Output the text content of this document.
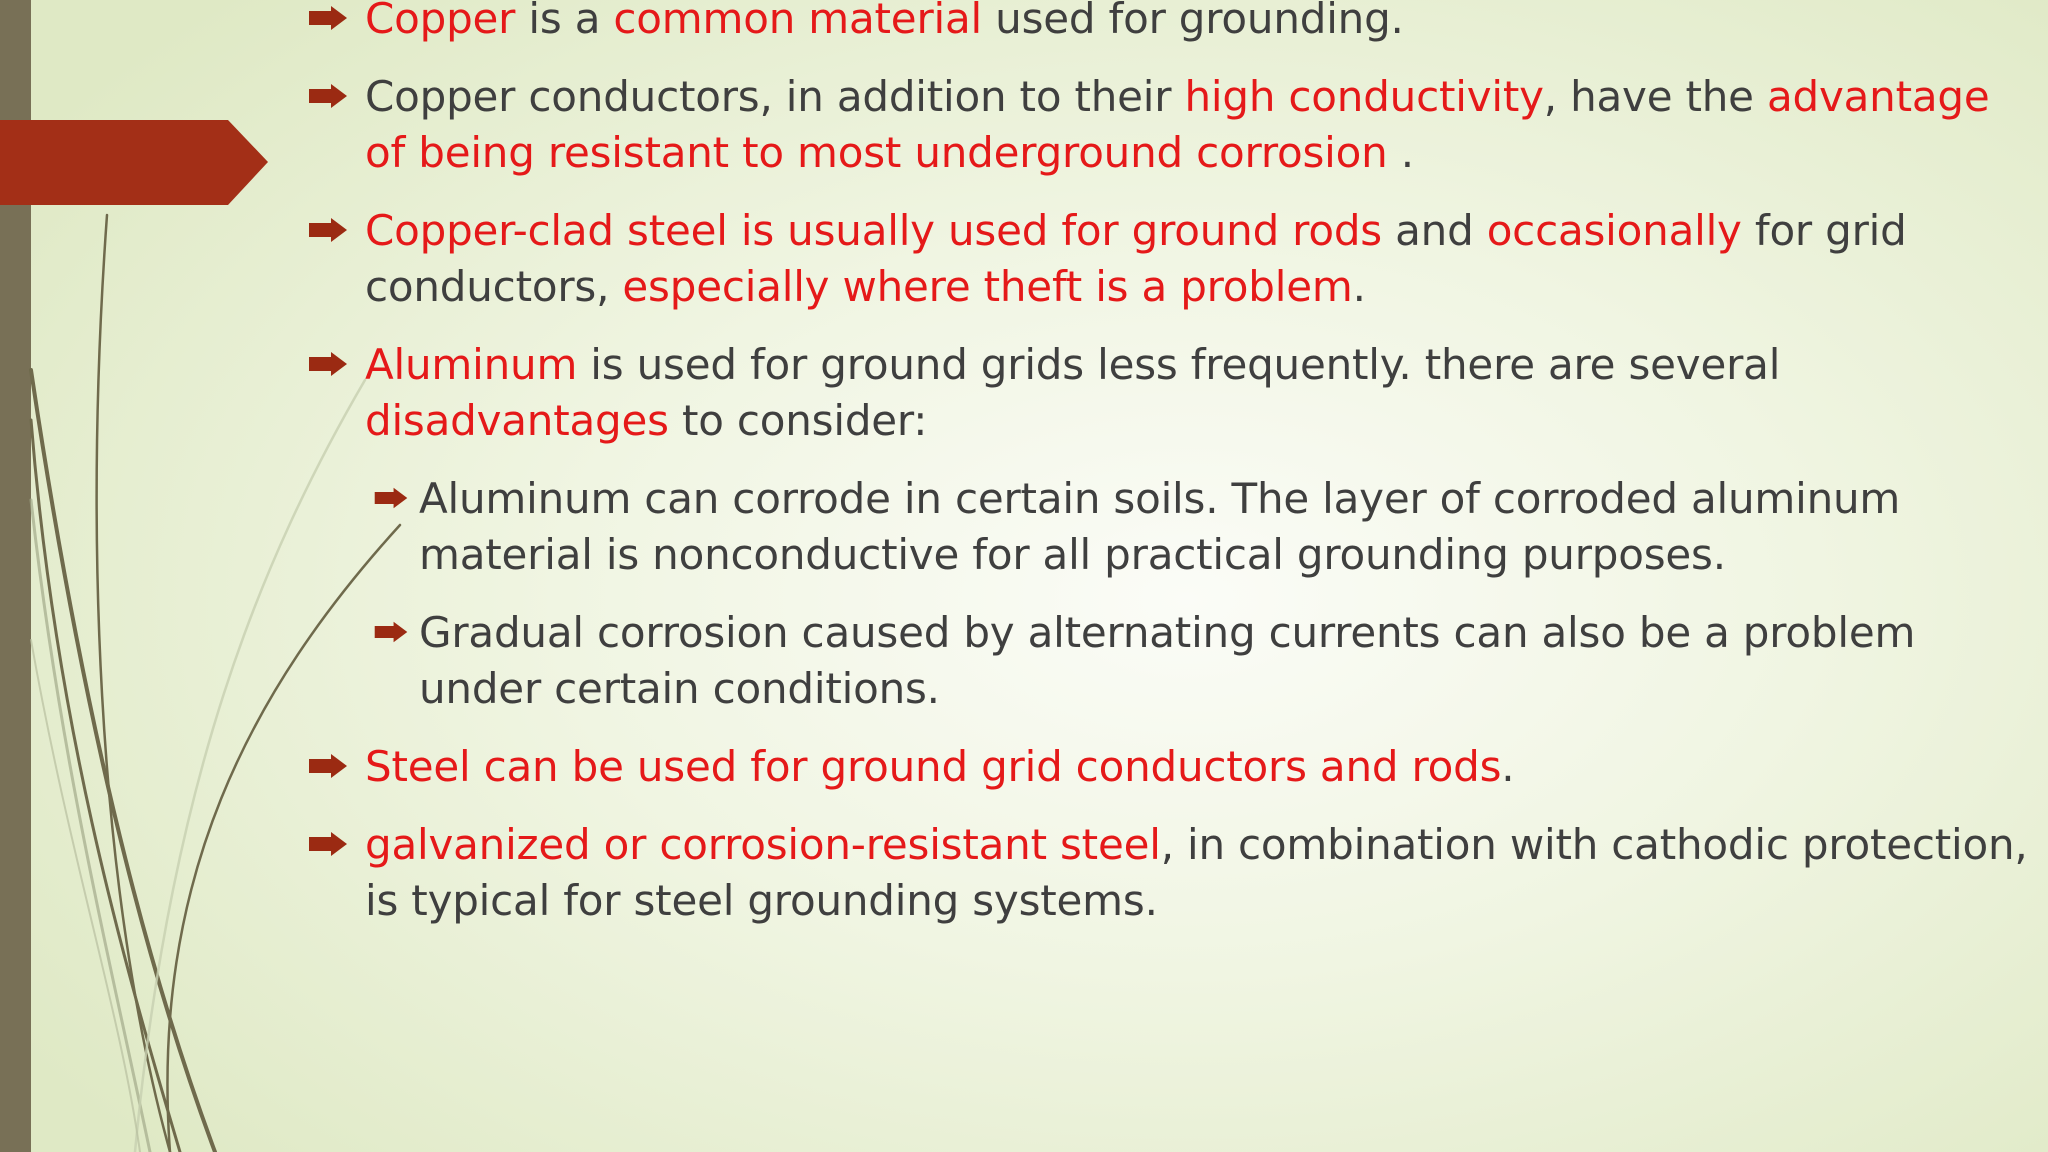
Copper is a common material used for grounding.
Copper conductors, in addition to their high conductivity, have the advantage of being resistant to most underground corrosion .
Copper-clad steel is usually used for ground rods and occasionally for grid conductors, especially where theft is a problem.
Aluminum is used for ground grids less frequently. there are several disadvantages to consider:
Aluminum can corrode in certain soils. The layer of corroded aluminum material is nonconductive for all practical grounding purposes.
Gradual corrosion caused by alternating currents can also be a problem under certain conditions.
Steel can be used for ground grid conductors and rods.
galvanized or corrosion-resistant steel, in combination with cathodic protection, is typical for steel grounding systems.
